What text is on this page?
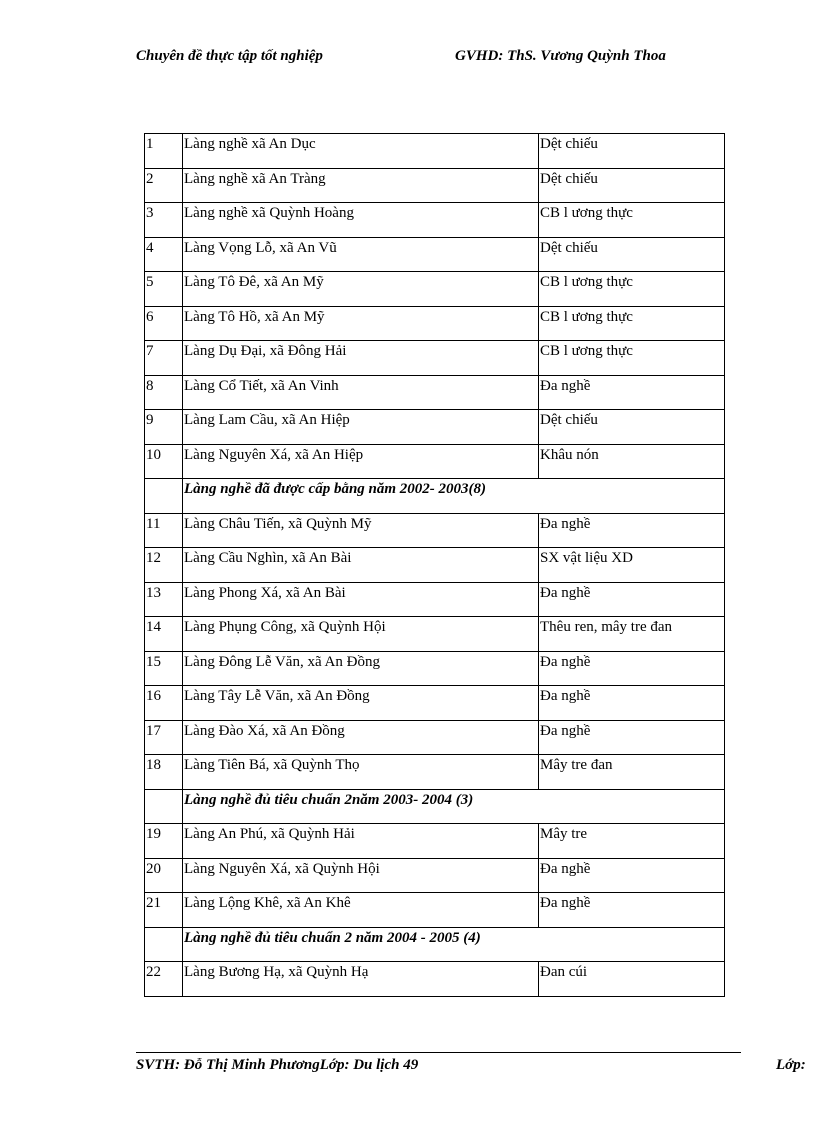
Chuyên đề thực tập tốt nghiệp	GVHD: ThS. Vương Quỳnh Thoa
1	Làng nghề xã An Dục	Dệt chiếu
2	Làng nghề xã An Tràng	Dệt chiếu
3	Làng nghề xã Quỳnh Hoàng	CB l ương thực
4	Làng Vọng Lỗ, xã An Vũ	Dệt chiếu
5	Làng Tô Đê, xã An Mỹ	CB l ương thực
6	Làng Tô Hồ, xã An Mỹ	CB l ương thực
7	Làng Dụ Đại, xã Đông Hải	CB l ương thực
8	Làng Cổ Tiết, xã An Vinh	Đa nghề
9	Làng Lam Cầu, xã An Hiệp	Dệt chiếu
10	Làng Nguyên Xá, xã An Hiệp	Khâu nón
	Làng nghề đã được cấp bằng năm 2002- 2003(8)	
11	Làng Châu Tiến, xã Quỳnh Mỹ	Đa nghề
12	Làng Cầu Nghìn, xã An Bài	SX vật liệu XD
13	Làng Phong Xá, xã An Bài	Đa nghề
14	Làng Phụng Công, xã Quỳnh Hội	Thêu ren, mây tre đan
15	Làng Đông Lễ Văn, xã An Đồng	Đa nghề
16	Làng Tây Lễ Văn, xã An Đồng	Đa nghề
17	Làng Đào Xá, xã An Đồng	Đa nghề
18	Làng Tiên Bá, xã Quỳnh Thọ	Mây tre đan
	Làng nghề đủ tiêu chuẩn 2năm 2003- 2004 (3)	
19	Làng An Phú, xã Quỳnh Hải	Mây tre
20	Làng Nguyên Xá, xã Quỳnh Hội	Đa nghề
21	Làng Lộng Khê, xã An Khê	Đa nghề
	Làng nghề đủ tiêu chuẩn 2 năm 2004 - 2005 (4)	
22	Làng Bương Hạ, xã Quỳnh Hạ	Đan cúi
SVTH: Đỗ Thị Minh PhươngLớp: Du lịch 49	Lớp:
